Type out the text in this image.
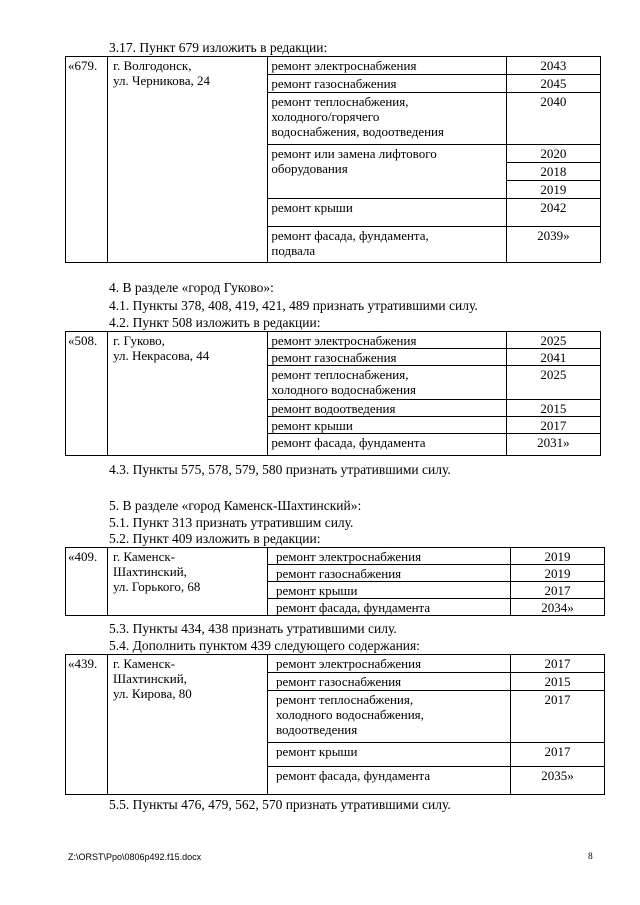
3.17. Пункт 679 изложить в редакции:
«679.	г. Волгодонск,
ул. Черникова, 24	ремонт электроснабжения	2043
		ремонт газоснабжения	2045

		ремонт теплоснабжения,
холодного/горячего
водоснабжения, водоотведения	2040

		ремонт или замена лифтового
оборудования	2020
			2018
			2019
		ремонт крыши	2042

		ремонт фасада, фундамента,
подвала	2039»
4. В разделе «город Гуково»:
4.1. Пункты 378, 408, 419, 421, 489 признать утратившими силу.
4.2. Пункт 508 изложить в редакции:
«508.	г. Гуково,
ул. Некрасова, 44	ремонт электроснабжения	2025
		ремонт газоснабжения	2041

		ремонт теплоснабжения,
холодного водоснабжения	2025
		ремонт водоотведения	2015
		ремонт крыши	2017
		ремонт фасада, фундамента	2031»
4.3. Пункты 575, 578, 579, 580 признать утратившими силу.
5. В разделе «город Каменск-Шахтинский»:
5.1. Пункт 313 признать утратившим силу.
5.2. Пункт 409 изложить в редакции:
«409.	г. Каменск-
Шахтинский,
ул. Горького, 68	ремонт электроснабжения	2019
		ремонт газоснабжения	2019
		ремонт крыши	2017
		ремонт фасада, фундамента	2034»
5.3. Пункты 434, 438 признать утратившими силу.
5.4. Дополнить пунктом 439 следующего содержания:
«439.	г. Каменск-
Шахтинский,
ул. Кирова, 80	ремонт электроснабжения	2017
		ремонт газоснабжения	2015

		ремонт теплоснабжения,
холодного водоснабжения,
водоотведения	2017
		ремонт крыши	2017
		ремонт фасада, фундамента	2035»
5.5. Пункты 476, 479, 562, 570 признать утратившими силу.
Z:\ORST\Ppo\0806p492.f15.docx	8
